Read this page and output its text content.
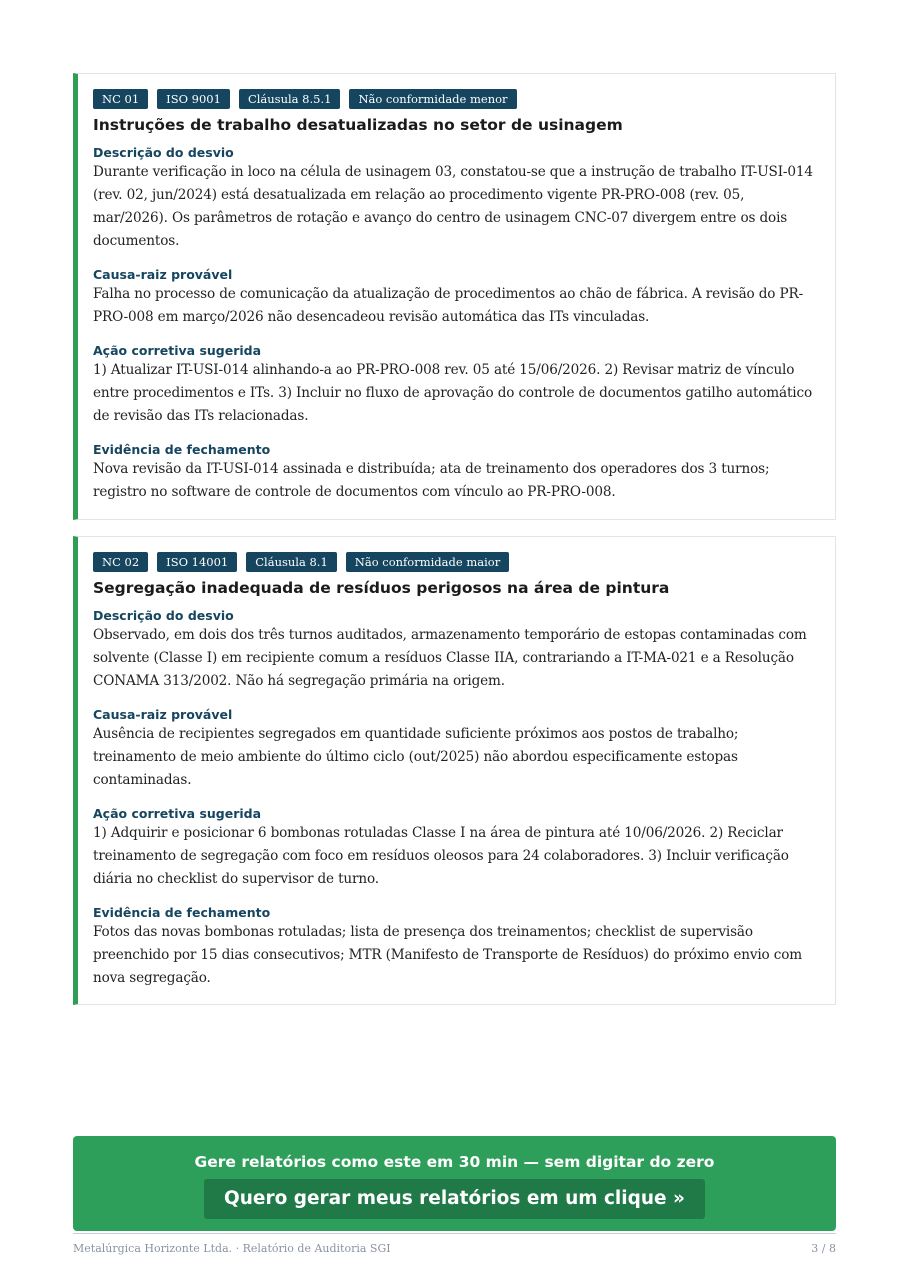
NC 01	ISO 9001	Cláusula 8.5.1	Não conformidade menor
Instruções de trabalho desatualizadas no setor de usinagem
Descrição do desvio
Durante verificação in loco na célula de usinagem 03, constatou-se que a instrução de trabalho IT-USI-014 (rev. 02, jun/2024) está desatualizada em relação ao procedimento vigente PR-PRO-008 (rev. 05, mar/2026). Os parâmetros de rotação e avanço do centro de usinagem CNC-07 divergem entre os dois documentos.
Causa-raiz provável
Falha no processo de comunicação da atualização de procedimentos ao chão de fábrica. A revisão do PR-PRO-008 em março/2026 não desencadeou revisão automática das ITs vinculadas.
Ação corretiva sugerida
1) Atualizar IT-USI-014 alinhando-a ao PR-PRO-008 rev. 05 até 15/06/2026. 2) Revisar matriz de vínculo entre procedimentos e ITs. 3) Incluir no fluxo de aprovação do controle de documentos gatilho automático de revisão das ITs relacionadas.
Evidência de fechamento
Nova revisão da IT-USI-014 assinada e distribuída; ata de treinamento dos operadores dos 3 turnos; registro no software de controle de documentos com vínculo ao PR-PRO-008.
NC 02	ISO 14001	Cláusula 8.1	Não conformidade maior
Segregação inadequada de resíduos perigosos na área de pintura
Descrição do desvio
Observado, em dois dos três turnos auditados, armazenamento temporário de estopas contaminadas com solvente (Classe I) em recipiente comum a resíduos Classe IIA, contrariando a IT-MA-021 e a Resolução CONAMA 313/2002. Não há segregação primária na origem.
Causa-raiz provável
Ausência de recipientes segregados em quantidade suficiente próximos aos postos de trabalho; treinamento de meio ambiente do último ciclo (out/2025) não abordou especificamente estopas contaminadas.
Ação corretiva sugerida
1) Adquirir e posicionar 6 bombonas rotuladas Classe I na área de pintura até 10/06/2026. 2) Reciclar treinamento de segregação com foco em resíduos oleosos para 24 colaboradores. 3) Incluir verificação diária no checklist do supervisor de turno.
Evidência de fechamento
Fotos das novas bombonas rotuladas; lista de presença dos treinamentos; checklist de supervisão preenchido por 15 dias consecutivos; MTR (Manifesto de Transporte de Resíduos) do próximo envio com nova segregação.
Gere relatórios como este em 30 min — sem digitar do zero
Quero gerar meus relatórios em um clique »
Metalúrgica Horizonte Ltda. · Relatório de Auditoria SGI	3 / 8
